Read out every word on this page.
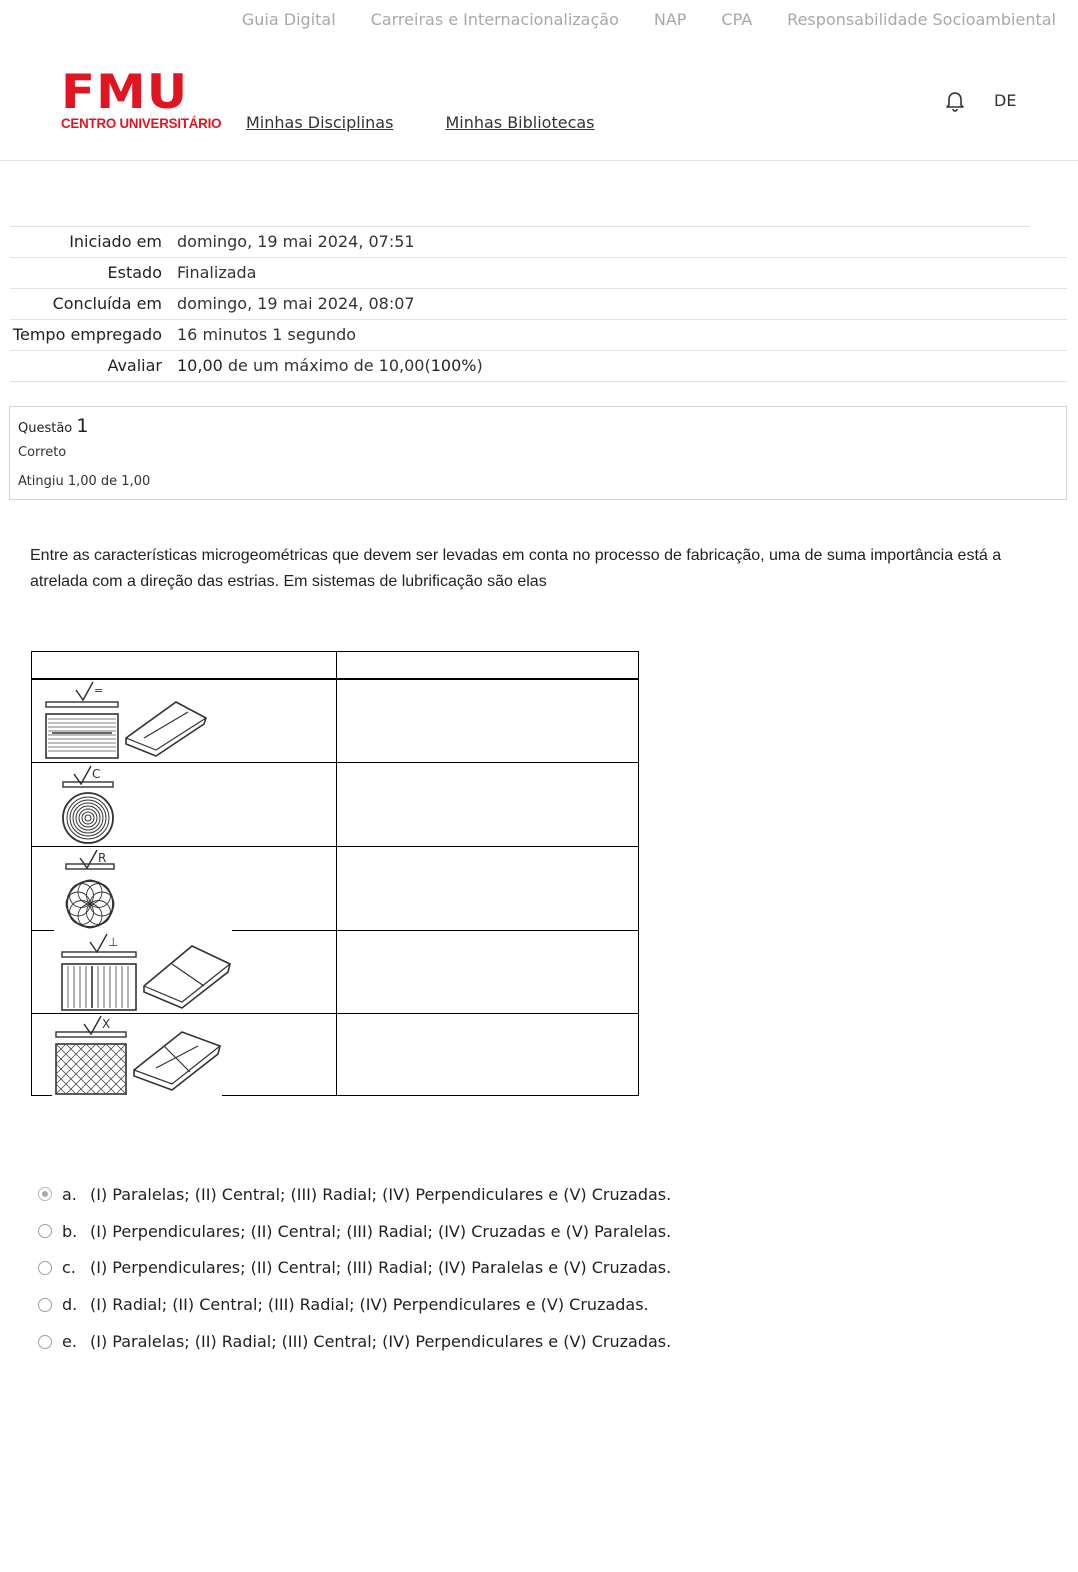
Guia Digital Carreiras e Internacionalização NAP CPA Responsabilidade Socioambiental
FMU
CENTRO UNIVERSITÁRIO Minhas Disciplinas	Minhas Bibliotecas
DE
Iniciado em	domingo, 19 mai 2024, 07:51
Estado	Finalizada
Concluída em	domingo, 19 mai 2024, 08:07
Tempo empregado	16 minutos 1 segundo
Avaliar	10,00 de um máximo de 10,00(100%)
Questão 1
Correto
Atingiu 1,00 de 1,00
Entre as características microgeométricas que devem ser levadas em conta no processo de fabricação, uma de suma importância está a atrelada com a direção das estrias. Em sistemas de lubrificação são elas
=
C
R
⊥
X
a. (I) Paralelas; (II) Central; (III) Radial; (IV) Perpendiculares e (V) Cruzadas.
b. (I) Perpendiculares; (II) Central; (III) Radial; (IV) Cruzadas e (V) Paralelas.
c. (I) Perpendiculares; (II) Central; (III) Radial; (IV) Paralelas e (V) Cruzadas.
d. (I) Radial; (II) Central; (III) Radial; (IV) Perpendiculares e (V) Cruzadas.
e. (I) Paralelas; (II) Radial; (III) Central; (IV) Perpendiculares e (V) Cruzadas.
